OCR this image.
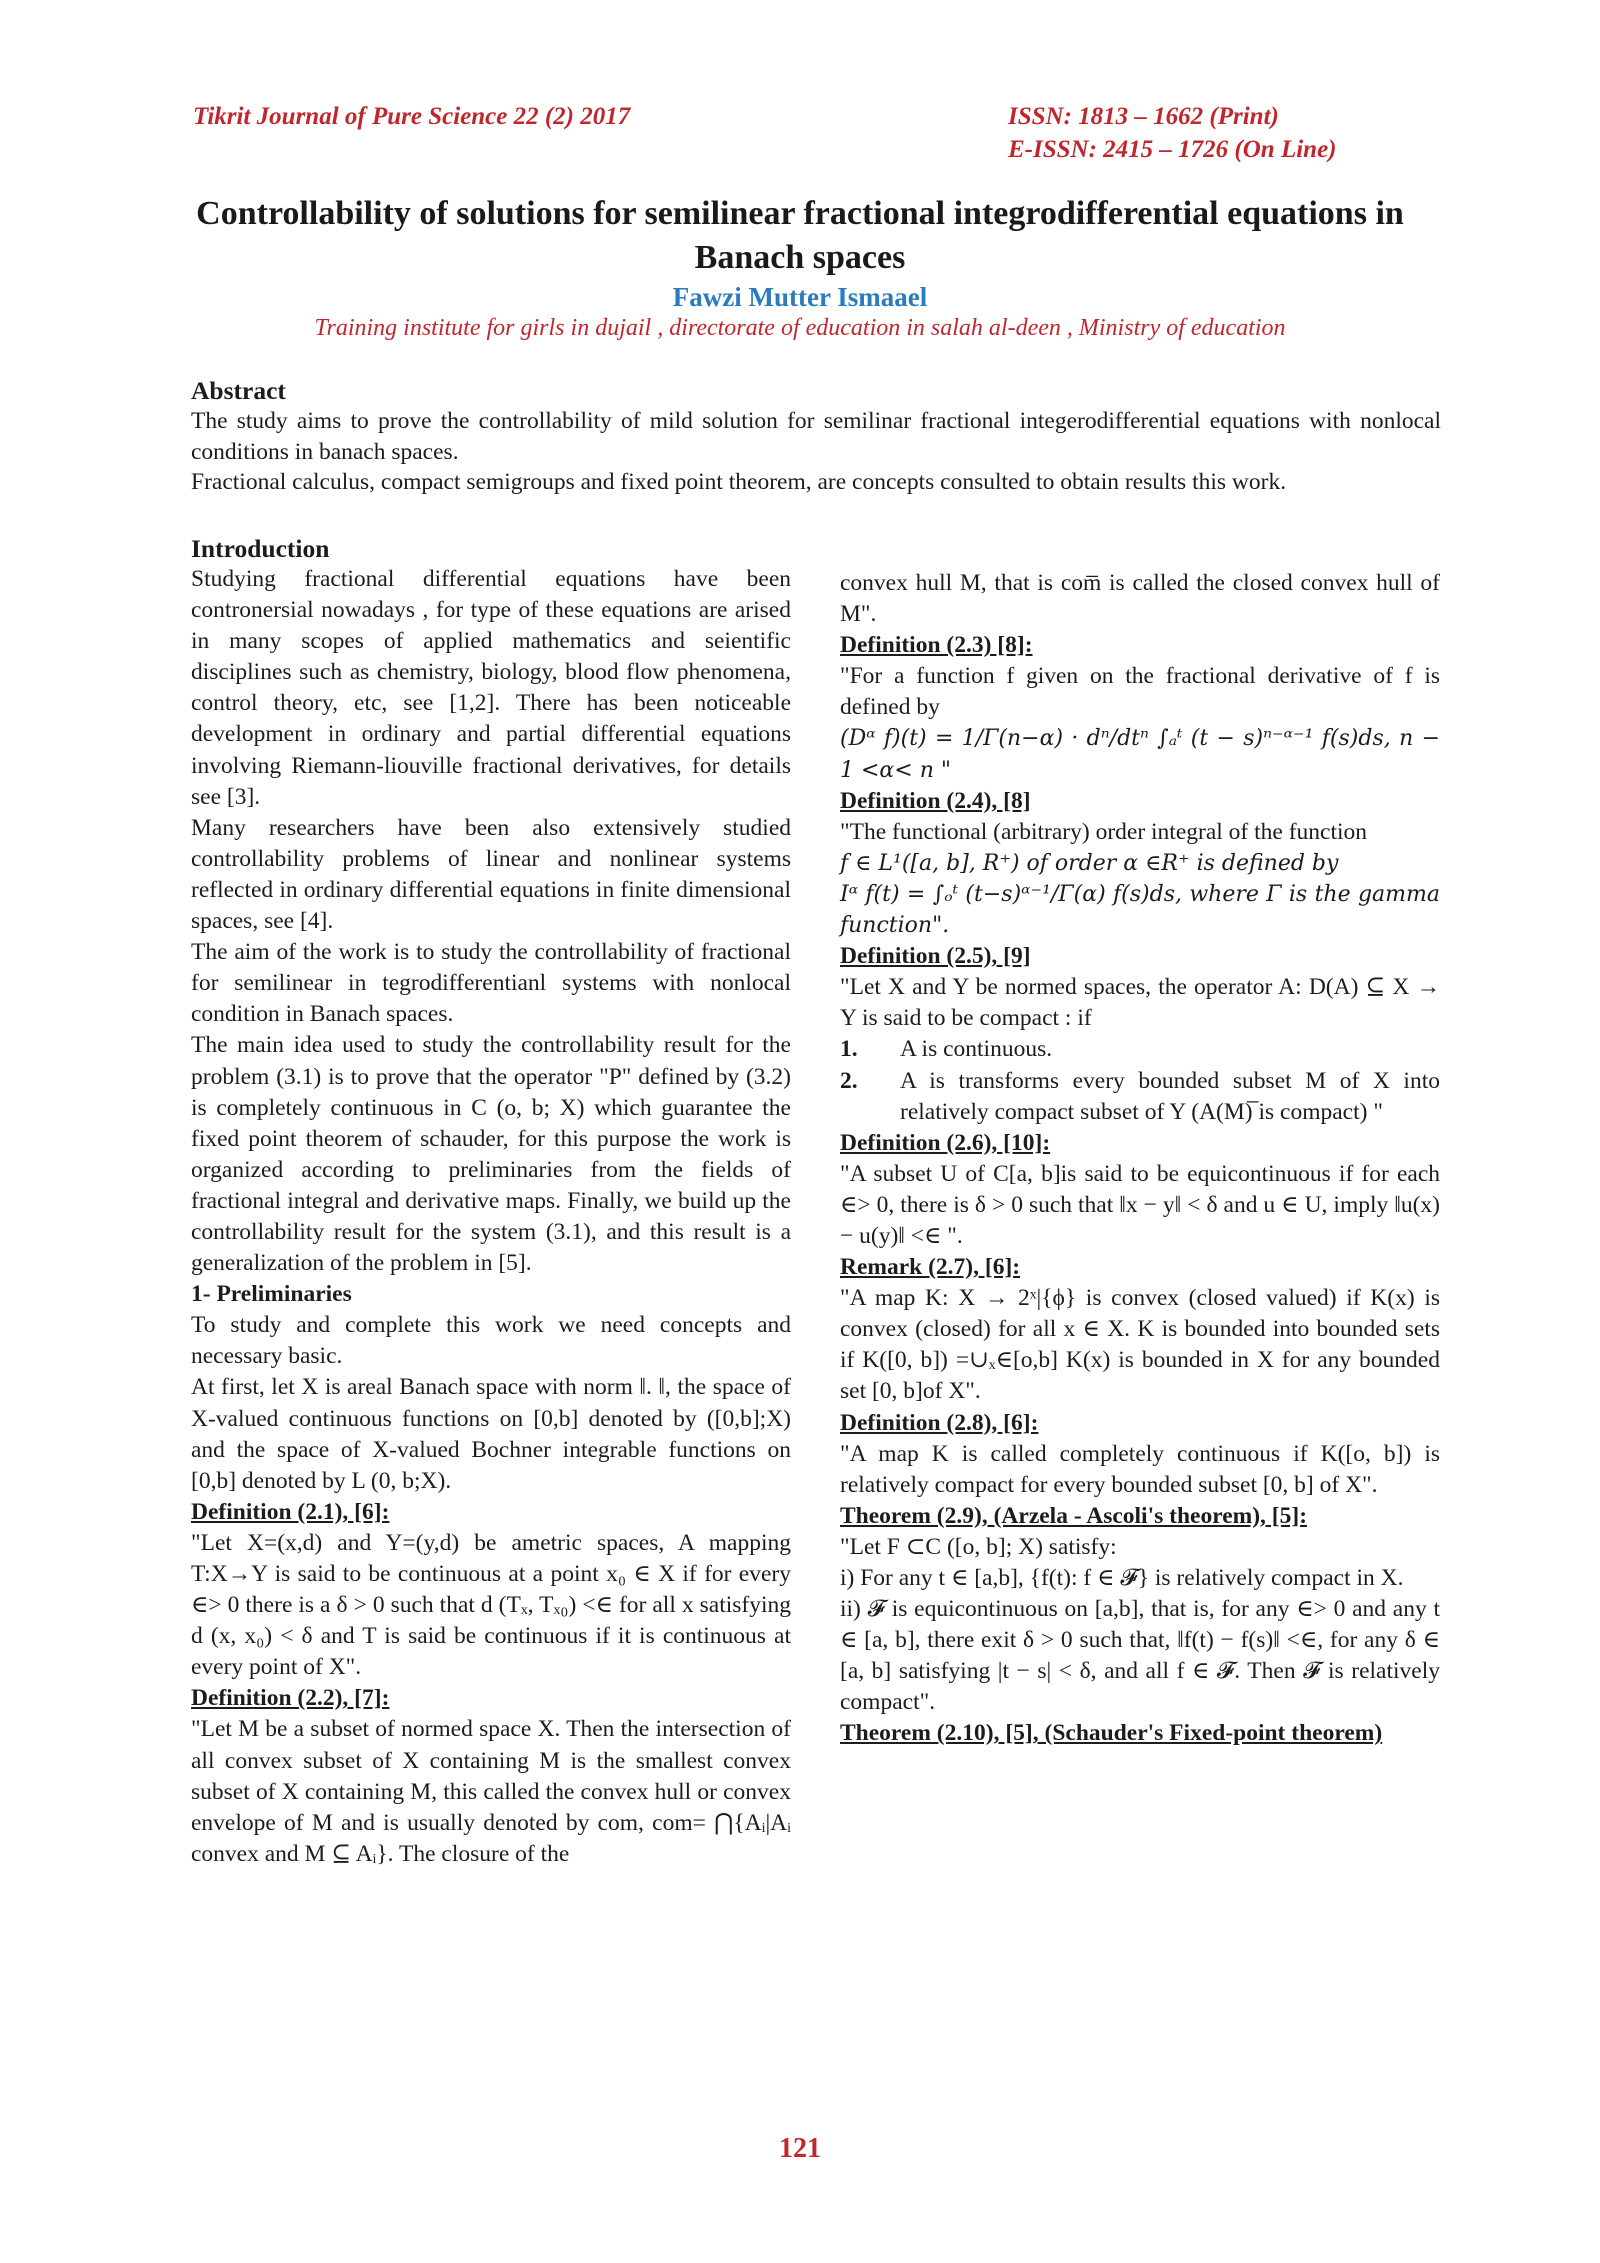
Tikrit Journal of Pure Science 22 (2) 2017	ISSN: 1813 – 1662 (Print)
E-ISSN: 2415 – 1726 (On Line)
Controllability of solutions for semilinear fractional integrodifferential equations in Banach spaces
Fawzi Mutter Ismaael
Training institute for girls in dujail , directorate of education in salah al-deen , Ministry of education
Abstract

The study aims to prove the controllability of mild solution for semilinar fractional integerodifferential equations with nonlocal conditions in banach spaces.

Fractional calculus, compact semigroups and fixed point theorem, are concepts consulted to obtain results this work.

Introduction

Studying fractional differential equations have been contronersial nowadays , for type of these equations are arised in many scopes of applied mathematics and seientific disciplines such as chemistry, biology, blood flow phenomena, control theory, etc, see [1,2]. There has been noticeable development in ordinary and partial differential equations involving Riemann-liouville fractional derivatives, for details see [3].

Many researchers have been also extensively studied controllability problems of linear and nonlinear systems reflected in ordinary differential equations in finite dimensional spaces, see [4].

The aim of the work is to study the controllability of fractional for semilinear in tegrodifferentianl systems with nonlocal condition in Banach spaces.

The main idea used to study the controllability result for the problem (3.1) is to prove that the operator "P" defined by (3.2) is completely continuous in C (o, b; X) which guarantee the fixed point theorem of schauder, for this purpose the work is organized according to preliminaries from the fields of fractional integral and derivative maps. Finally, we build up the controllability result for the system (3.1), and this result is a generalization of the problem in [5].

1- Preliminaries

To study and complete this work we need concepts and necessary basic.

At first, let X is areal Banach space with norm ‖. ‖, the space of X-valued continuous functions on [0,b] denoted by ([0,b];X) and the space of X-valued Bochner integrable functions on [0,b] denoted by L (0, b;X).

Definition (2.1), [6]:

"Let X=(x,d) and Y=(y,d) be ametric spaces, A mapping T:X→Y is said to be continuous at a point x₀ ∈ X if for every ∈> 0 there is a δ > 0 such that d (Tₓ, Tₓ₀) <∈ for all x satisfying d (x, x₀) < δ and T is said be continuous if it is continuous at every point of X".

Definition (2.2), [7]:

"Let M be a subset of normed space X. Then the intersection of all convex subset of X containing M is the smallest convex subset of X containing M, this called the convex hull or convex envelope of M and is usually denoted by com, com= ⋂{Aᵢ|Aᵢ convex and M ⊆ Aᵢ}. The closure of the

convex hull M, that is com̅ is called the closed convex hull of M".

Definition (2.3) [8]:

"For a function f given on the fractional derivative of f is defined by

(Dᵅ f)(t) = 1/Γ(n−α) · dⁿ/dtⁿ ∫ₐᵗ (t − s)ⁿ⁻ᵅ⁻¹ f(s)ds, n − 1 <α< n "

Definition (2.4), [8]

"The functional (arbitrary) order integral of the function

f ∈ L¹([a, b], R⁺) of order α ∈R⁺ is defined by

Iᵅ f(t) = ∫ₒᵗ (t−s)ᵅ⁻¹/Γ(α) f(s)ds, where Γ is the gamma function".

Definition (2.5), [9]

"Let X and Y be normed spaces, the operator A: D(A) ⊆ X → Y is said to be compact : if

1.	A is continuous.
2.	A is transforms every bounded subset M of X into relatively compact subset of Y (A(M)̅ is compact) "

Definition (2.6), [10]:

"A subset U of C[a, b]is said to be equicontinuous if for each ∈> 0, there is δ > 0 such that ‖x − y‖ < δ and u ∈ U, imply ‖u(x) − u(y)‖ <∈ ".

Remark (2.7), [6]:

"A map K: X → 2ˣ|{ϕ} is convex (closed valued) if K(x) is convex (closed) for all x ∈ X. K is bounded into bounded sets if K([0, b]) =∪ₓ∈[o,b] K(x) is bounded in X for any bounded set [0, b]of X".

Definition (2.8), [6]:

"A map K is called completely continuous if K([o, b]) is relatively compact for every bounded subset [0, b] of X".

Theorem (2.9), (Arzela - Ascoli's theorem), [5]:

"Let F ⊂C ([o, b]; X) satisfy:

i) For any t ∈ [a,b], {f(t): f ∈ 𝓕} is relatively compact in X.

ii) 𝓕 is equicontinuous on [a,b], that is, for any ∈> 0 and any t ∈ [a, b], there exit δ > 0 such that, ‖f(t) − f(s)‖ <∈, for any δ ∈ [a, b] satisfying |t − s| < δ, and all f ∈ 𝓕. Then 𝓕 is relatively compact".

Theorem (2.10), [5], (Schauder's Fixed-point theorem)

121
